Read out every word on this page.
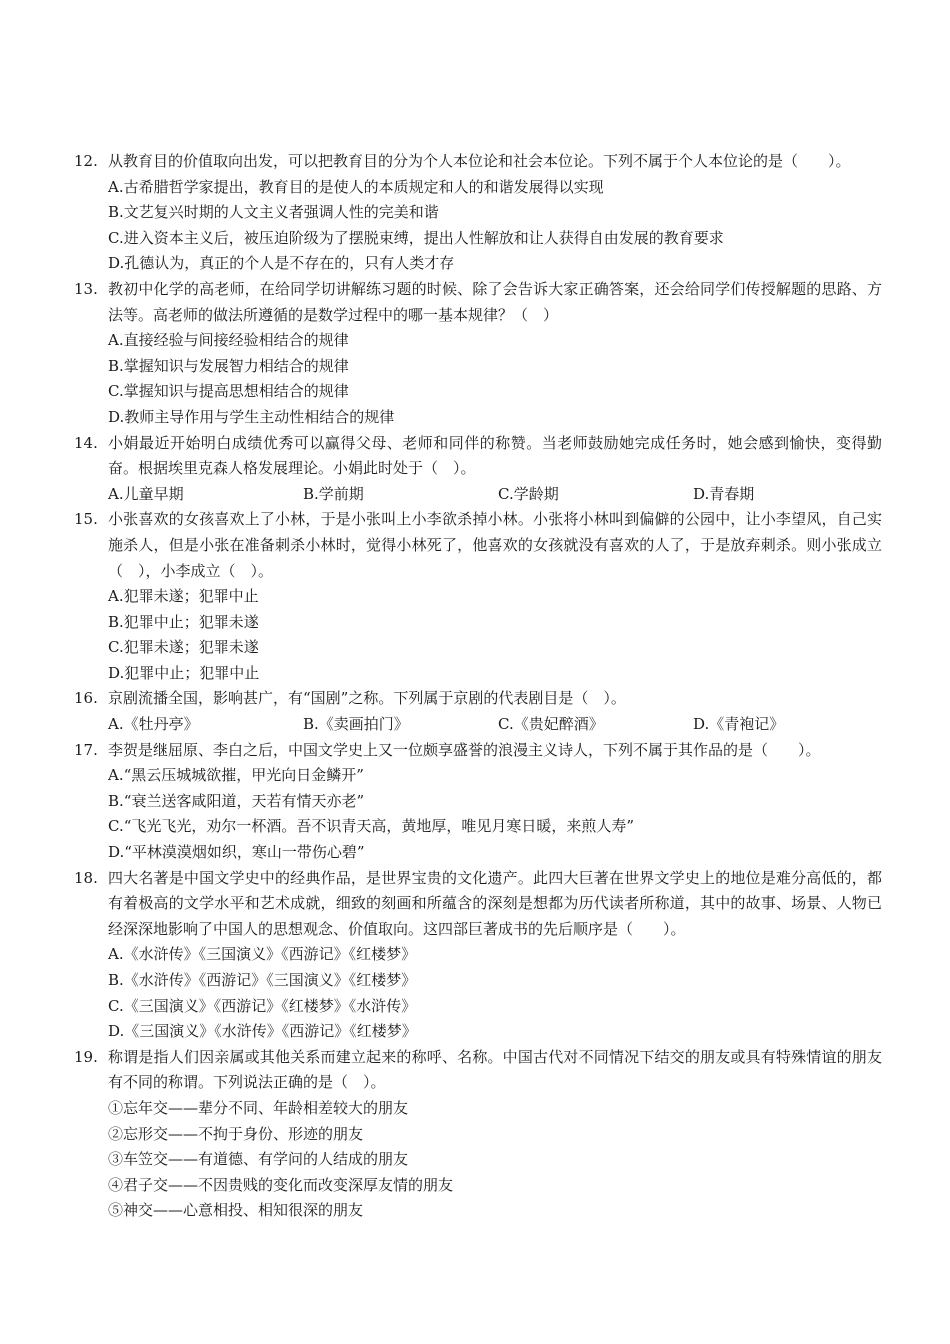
12. 从教育目的价值取向出发，可以把教育目的分为个人本位论和社会本位论。下列不属于个人本位论的是（　　）。
A.古希腊哲学家提出，教育目的是使人的本质规定和人的和谐发展得以实现
B.文艺复兴时期的人文主义者强调人性的完美和谐
C.进入资本主义后，被压迫阶级为了摆脱束缚，提出人性解放和让人获得自由发展的教育要求
D.孔德认为，真正的个人是不存在的，只有人类才存
13. 教初中化学的高老师，在给同学切讲解练习题的时候、除了会告诉大家正确答案，还会给同学们传授解题的思路、方法等。高老师的做法所遵循的是数学过程中的哪一基本规律？（　）
A.直接经验与间接经验相结合的规律
B.掌握知识与发展智力相结合的规律
C.掌握知识与提高思想相结合的规律
D.教师主导作用与学生主动性相结合的规律
14. 小娟最近开始明白成绩优秀可以赢得父母、老师和同伴的称赞。当老师鼓励她完成任务时，她会感到愉快，变得勤奋。根据埃里克森人格发展理论。小娟此时处于（　）。
A.儿童早期	B.学前期	C.学龄期	D.青春期
15. 小张喜欢的女孩喜欢上了小林，于是小张叫上小李欲杀掉小林。小张将小林叫到偏僻的公园中，让小李望风，自己实施杀人，但是小张在准备刺杀小林时，觉得小林死了，他喜欢的女孩就没有喜欢的人了，于是放弃刺杀。则小张成立（　），小李成立（　）。
A.犯罪未遂；犯罪中止
B.犯罪中止；犯罪未遂
C.犯罪未遂；犯罪未遂
D.犯罪中止；犯罪中止
16. 京剧流播全国，影响甚广，有“国剧”之称。下列属于京剧的代表剧目是（　）。
A.《牡丹亭》	B.《卖画拍门》	C.《贵妃醉酒》	D.《青袍记》
17. 李贺是继屈原、李白之后，中国文学史上又一位颇享盛誉的浪漫主义诗人，下列不属于其作品的是（　　）。
A.“黑云压城城欲摧，甲光向日金鳞开”
B.“衰兰送客咸阳道，天若有情天亦老”
C.“飞光飞光，劝尔一杯酒。吾不识青天高，黄地厚，唯见月寒日暖，来煎人寿”
D.“平林漠漠烟如织，寒山一带伤心碧”
18. 四大名著是中国文学史中的经典作品，是世界宝贵的文化遗产。此四大巨著在世界文学史上的地位是难分高低的，都有着极高的文学水平和艺术成就，细致的刻画和所蕴含的深刻是想都为历代读者所称道，其中的故事、场景、人物已经深深地影响了中国人的思想观念、价值取向。这四部巨著成书的先后顺序是（　　）。
A.《水浒传》《三国演义》《西游记》《红楼梦》
B.《水浒传》《西游记》《三国演义》《红楼梦》
C.《三国演义》《西游记》《红楼梦》《水浒传》
D.《三国演义》《水浒传》《西游记》《红楼梦》
19. 称谓是指人们因亲属或其他关系而建立起来的称呼、名称。中国古代对不同情况下结交的朋友或具有特殊情谊的朋友有不同的称谓。下列说法正确的是（　）。
①忘年交——辈分不同、年龄相差较大的朋友
②忘形交——不拘于身份、形迹的朋友
③车笠交——有道德、有学问的人结成的朋友
④君子交——不因贵贱的变化而改变深厚友情的朋友
⑤神交——心意相投、相知很深的朋友
